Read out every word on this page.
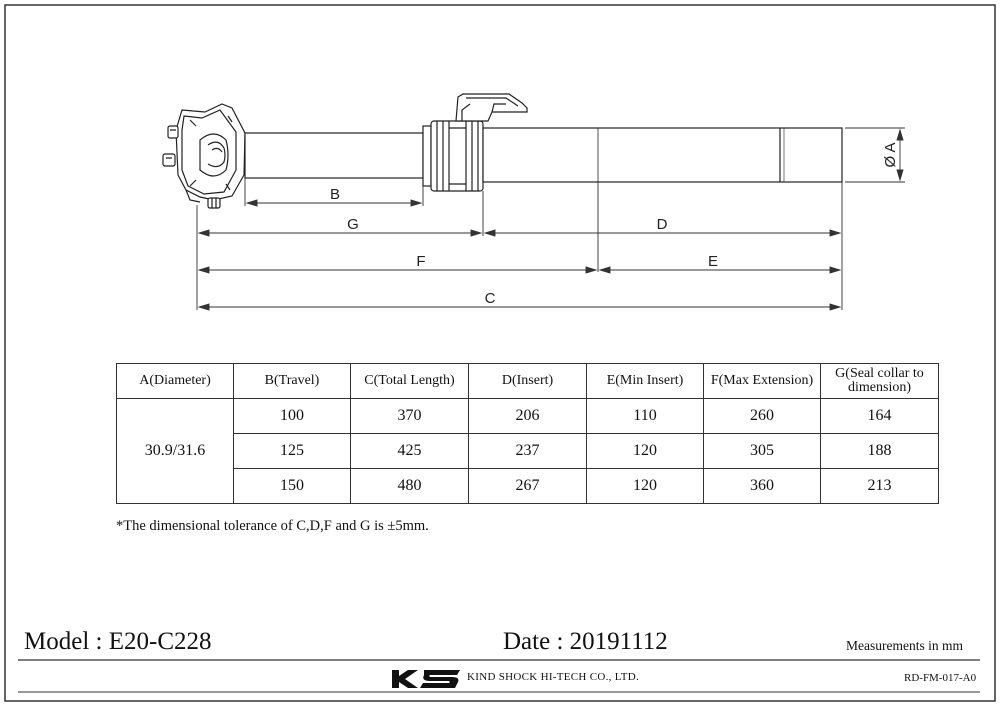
B
G	D
F	E
C
Ø A
A(Diameter)	B(Travel)	C(Total Length)	D(Insert)	E(Min Insert)	F(Max Extension)	G(Seal collar to dimension)
30.9/31.6	100	370	206	110	260	164
	125	425	237	120	305	188
	150	480	267	120	360	213
*The dimensional tolerance of C,D,F and G is ±5mm.
Model : E20-C228	Date : 20191112	Measurements in mm
KIND SHOCK HI-TECH CO., LTD.	RD-FM-017-A0
